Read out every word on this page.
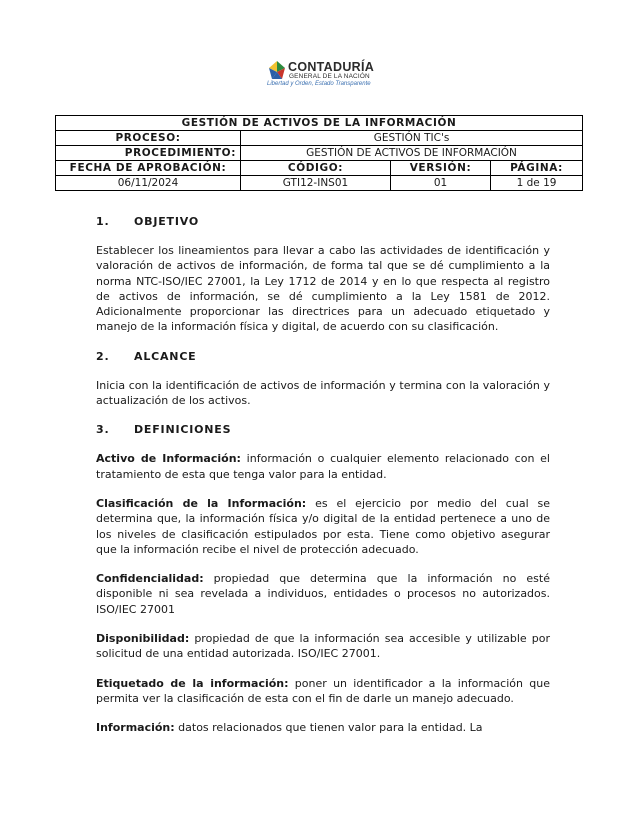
CONTADURÍA
GENERAL DE LA NACIÓN
Libertad y Orden, Estado Transparente
GESTIÓN DE ACTIVOS DE LA INFORMACIÓN			
PROCESO:	GESTIÓN TIC's		
PROCEDIMIENTO:	GESTIÓN DE ACTIVOS DE INFORMACIÓN		
FECHA DE APROBACIÓN:	CÓDIGO:	VERSIÓN:	PÁGINA:
06/11/2024	GTI12-INS01	01	1 de 19
1. OBJETIVO

Establecer los lineamientos para llevar a cabo las actividades de identificación y valoración de activos de información, de forma tal que se dé cumplimiento a la norma NTC-ISO/IEC 27001, la Ley 1712 de 2014 y en lo que respecta al registro de activos de información, se dé cumplimiento a la Ley 1581 de 2012. Adicionalmente proporcionar las directrices para un adecuado etiquetado y manejo de la información física y digital, de acuerdo con su clasificación.

2. ALCANCE

Inicia con la identificación de activos de información y termina con la valoración y actualización de los activos.

3. DEFINICIONES

Activo de Información: información o cualquier elemento relacionado con el tratamiento de esta que tenga valor para la entidad.

Clasificación de la Información: es el ejercicio por medio del cual se determina que, la información física y/o digital de la entidad pertenece a uno de los niveles de clasificación estipulados por esta. Tiene como objetivo asegurar que la información recibe el nivel de protección adecuado.

Confidencialidad: propiedad que determina que la información no esté disponible ni sea revelada a individuos, entidades o procesos no autorizados. ISO/IEC 27001

Disponibilidad: propiedad de que la información sea accesible y utilizable por solicitud de una entidad autorizada. ISO/IEC 27001.

Etiquetado de la información: poner un identificador a la información que permita ver la clasificación de esta con el fin de darle un manejo adecuado.

Información: datos relacionados que tienen valor para la entidad. La
